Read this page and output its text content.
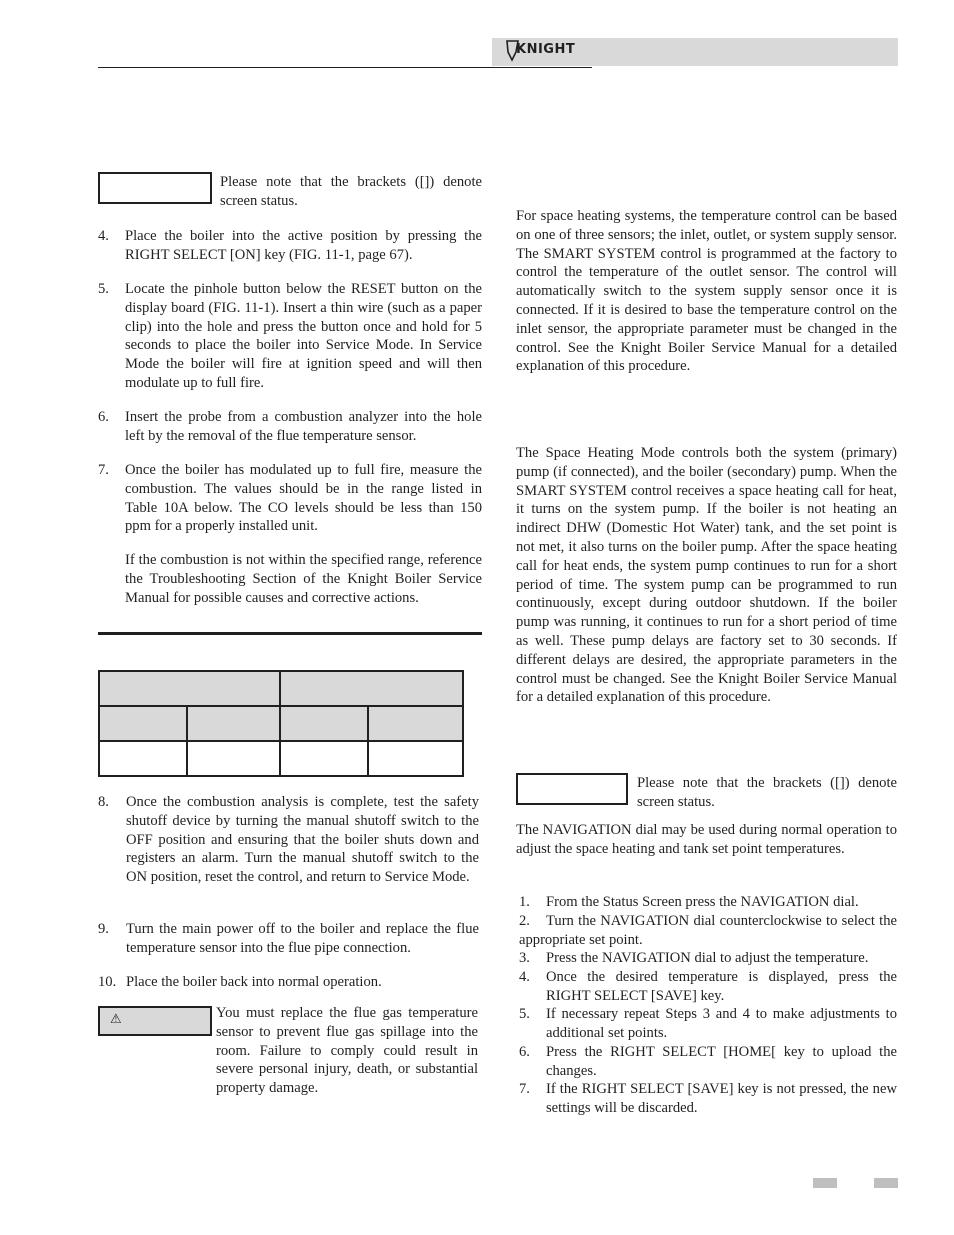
KNIGHT
Please note that the brackets ([]) denote screen status.
4. Place the boiler into the active position by pressing the RIGHT SELECT [ON] key (FIG. 11-1, page 67).
5. Locate the pinhole button below the RESET button on the display board (FIG. 11-1). Insert a thin wire (such as a paper clip) into the hole and press the button once and hold for 5 seconds to place the boiler into Service Mode. In Service Mode the boiler will fire at ignition speed and will then modulate up to full fire.
6. Insert the probe from a combustion analyzer into the hole left by the removal of the flue temperature sensor.
7. Once the boiler has modulated up to full fire, measure the combustion. The values should be in the range listed in Table 10A below. The CO levels should be less than 150 ppm for a properly installed unit.
If the combustion is not within the specified range, reference the Troubleshooting Section of the Knight Boiler Service Manual for possible causes and corrective actions.

8. Once the combustion analysis is complete, test the safety shutoff device by turning the manual shutoff switch to the OFF position and ensuring that the boiler shuts down and registers an alarm. Turn the manual shutoff switch to the ON position, reset the control, and return to Service Mode.
9. Turn the main power off to the boiler and replace the flue temperature sensor into the flue pipe connection.
10. Place the boiler back into normal operation.
⚠	You must replace the flue gas temperature sensor to prevent flue gas spillage into the room. Failure to comply could result in severe personal injury, death, or substantial property damage.
For space heating systems, the temperature control can be based on one of three sensors; the inlet, outlet, or system supply sensor. The SMART SYSTEM control is programmed at the factory to control the temperature of the outlet sensor. The control will automatically switch to the system supply sensor once it is connected. If it is desired to base the temperature control on the inlet sensor, the appropriate parameter must be changed in the control. See the Knight Boiler Service Manual for a detailed explanation of this procedure.
The Space Heating Mode controls both the system (primary) pump (if connected), and the boiler (secondary) pump. When the SMART SYSTEM control receives a space heating call for heat, it turns on the system pump. If the boiler is not heating an indirect DHW (Domestic Hot Water) tank, and the set point is not met, it also turns on the boiler pump. After the space heating call for heat ends, the system pump continues to run for a short period of time. The system pump can be programmed to run continuously, except during outdoor shutdown. If the boiler pump was running, it continues to run for a short period of time as well. These pump delays are factory set to 30 seconds. If different delays are desired, the appropriate parameters in the control must be changed. See the Knight Boiler Service Manual for a detailed explanation of this procedure.
Please note that the brackets ([]) denote screen status.
The NAVIGATION dial may be used during normal operation to adjust the space heating and tank set point temperatures.
1. From the Status Screen press the NAVIGATION dial.
2. Turn the NAVIGATION dial counterclockwise to select the appropriate set point.
3. Press the NAVIGATION dial to adjust the temperature.
4. Once the desired temperature is displayed, press the RIGHT SELECT [SAVE] key.
5. If necessary repeat Steps 3 and 4 to make adjustments to additional set points.
6. Press the RIGHT SELECT [HOME[ key to upload the changes.
7. If the RIGHT SELECT [SAVE] key is not pressed, the new settings will be discarded.
